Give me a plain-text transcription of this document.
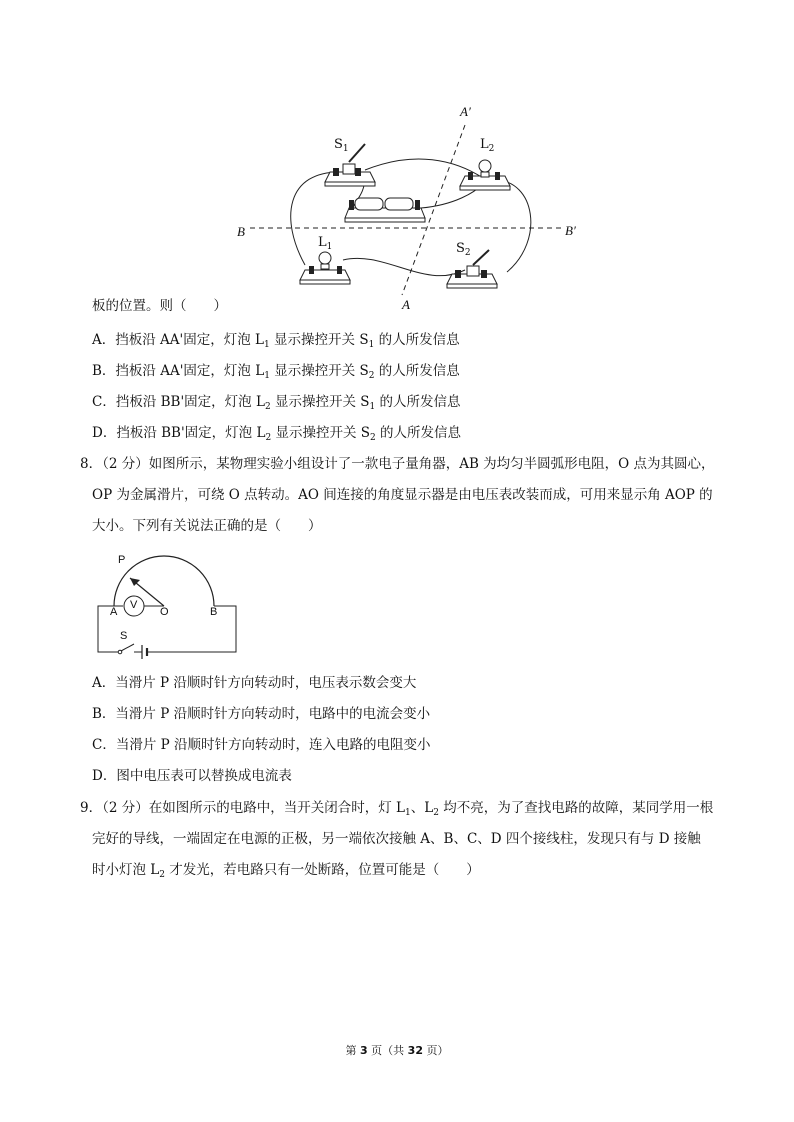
A′
B	B′
A
$S_1$	$L_2$
$L_1$	$S_2$
板的位置。则（　　）
A．挡板沿 AA'固定，灯泡 $L_1$ 显示操控开关 $S_1$ 的人所发信息
B．挡板沿 AA'固定，灯泡 $L_1$ 显示操控开关 $S_2$ 的人所发信息
C．挡板沿 BB'固定，灯泡 $L_2$ 显示操控开关 $S_1$ 的人所发信息
D．挡板沿 BB'固定，灯泡 $L_2$ 显示操控开关 $S_2$ 的人所发信息
8．（2 分）如图所示，某物理实验小组设计了一款电子量角器，AB 为均匀半圆弧形电阻，O 点为其圆心，
OP 为金属滑片，可绕 O 点转动。AO 间连接的角度显示器是由电压表改装而成，可用来显示角 AOP 的
大小。下列有关说法正确的是（　　）
P
A
V
O	B
S
A．当滑片 P 沿顺时针方向转动时，电压表示数会变大
B．当滑片 P 沿顺时针方向转动时，电路中的电流会变小
C．当滑片 P 沿顺时针方向转动时，连入电路的电阻变小
D．图中电压表可以替换成电流表
9．（2 分）在如图所示的电路中，当开关闭合时，灯 $L_1$、$L_2$ 均不亮，为了查找电路的故障，某同学用一根
完好的导线，一端固定在电源的正极，另一端依次接触 A、B、C、D 四个接线柱，发现只有与 D 接触
时小灯泡 $L_2$ 才发光，若电路只有一处断路，位置可能是（　　）
第 3 页（共 32 页）
